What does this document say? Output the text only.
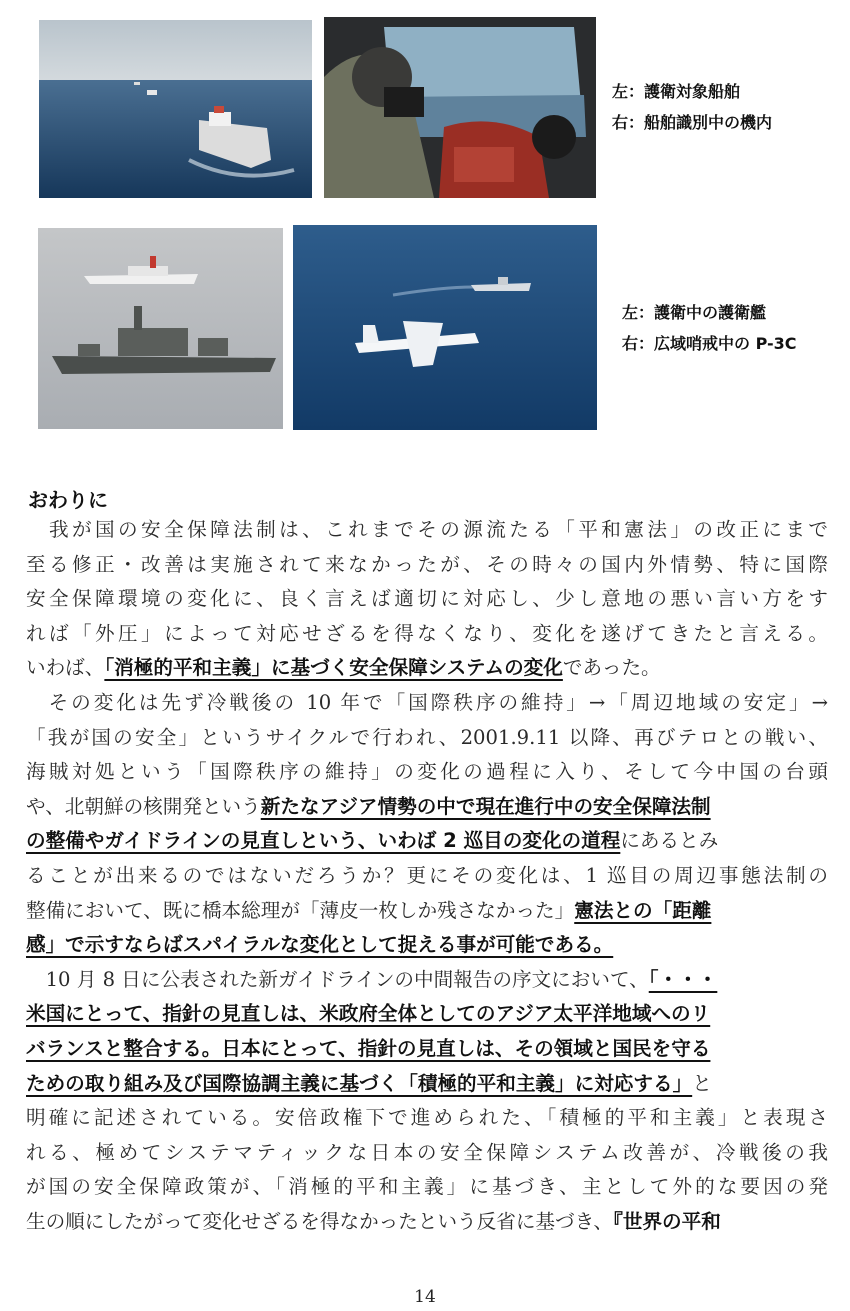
左：護衛対象船舶
右：船舶識別中の機内
左：護衛中の護衛艦
右：広域哨戒中の P-3C
おわりに
　我が国の安全保障法制は、これまでその源流たる「平和憲法」の改正にまで
至る修正・改善は実施されて来なかったが、その時々の国内外情勢、特に国際
安全保障環境の変化に、良く言えば適切に対応し、少し意地の悪い言い方をす
れば「外圧」によって対応せざるを得なくなり、変化を遂げてきたと言える。
いわば、「消極的平和主義」に基づく安全保障システムの変化であった。
　その変化は先ず冷戦後の 10 年で「国際秩序の維持」→「周辺地域の安定」→
「我が国の安全」というサイクルで行われ、2001.9.11 以降、再びテロとの戦い、
海賊対処という「国際秩序の維持」の変化の過程に入り、そして今中国の台頭
や、北朝鮮の核開発という新たなアジア情勢の中で現在進行中の安全保障法制
の整備やガイドラインの見直しという、いわば 2 巡目の変化の道程にあるとみ
ることが出来るのではないだろうか？更にその変化は、1 巡目の周辺事態法制の
整備において、既に橋本総理が「薄皮一枚しか残さなかった」憲法との「距離
感」で示すならばスパイラルな変化として捉える事が可能である。
　10 月 8 日に公表された新ガイドラインの中間報告の序文において、「・・・
米国にとって、指針の見直しは、米政府全体としてのアジア太平洋地域へのリ
バランスと整合する。日本にとって、指針の見直しは、その領域と国民を守る
ための取り組み及び国際協調主義に基づく「積極的平和主義」に対応する」と
明確に記述されている。安倍政権下で進められた、「積極的平和主義」と表現さ
れる、極めてシステマティックな日本の安全保障システム改善が、冷戦後の我
が国の安全保障政策が、「消極的平和主義」に基づき、主として外的な要因の発
生の順にしたがって変化せざるを得なかったという反省に基づき、『世界の平和
14
